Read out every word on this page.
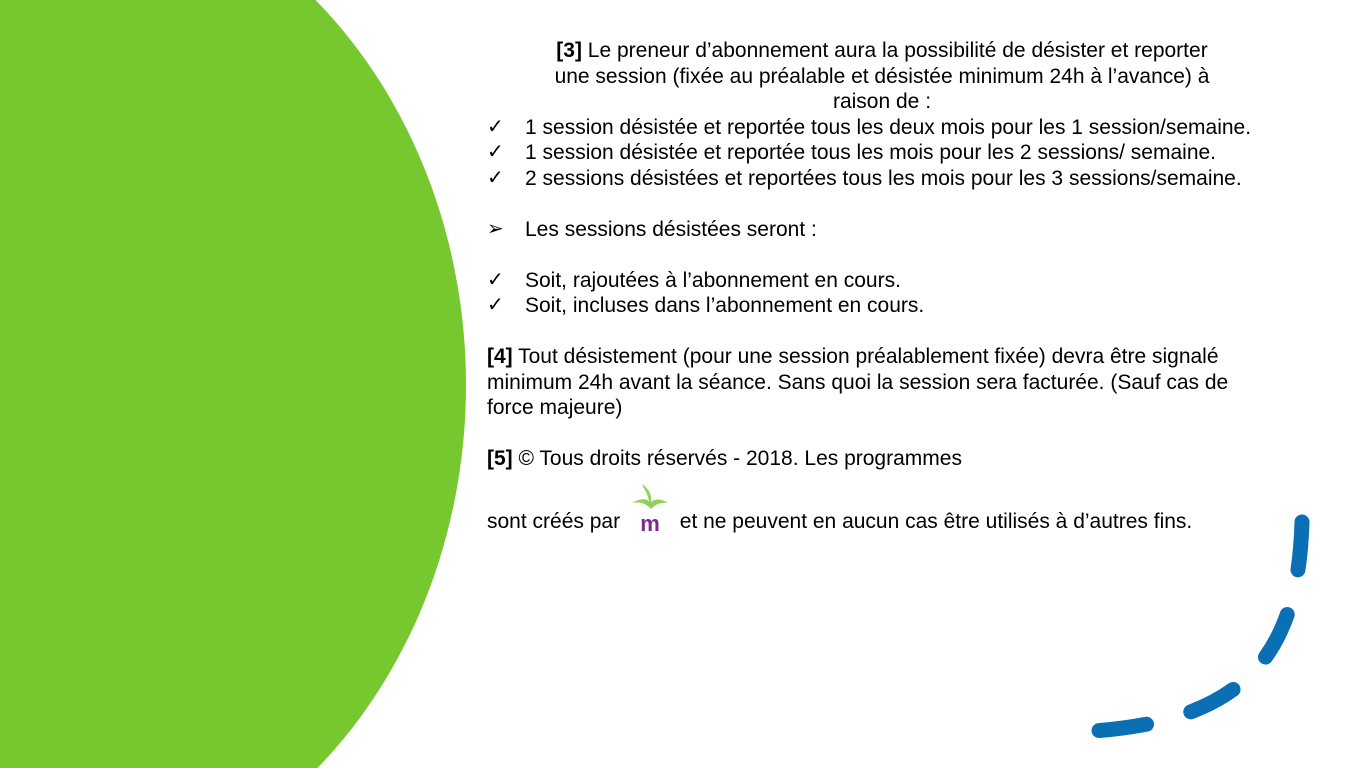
[3] Le preneur d’abonnement aura la possibilité de désister et reporter
une session (fixée au préalable et désistée minimum 24h à l’avance) à
raison de :
✓	1 session désistée et reportée tous les deux mois pour les 1 session/semaine.
✓	1 session désistée et reportée tous les mois pour les 2 sessions/ semaine.
✓	2 sessions désistées et reportées tous les mois pour les 3 sessions/semaine.
➢	Les sessions désistées seront :
✓	Soit, rajoutées à l’abonnement en cours.
✓	Soit, incluses dans l’abonnement en cours.
[4] Tout désistement (pour une session préalablement fixée) devra être signalé minimum 24h avant la séance. Sans quoi la session sera facturée. (Sauf cas de force majeure)
[5] © Tous droits réservés - 2018. Les programmes
sont créés par m et ne peuvent en aucun cas être utilisés à d’autres fins.
